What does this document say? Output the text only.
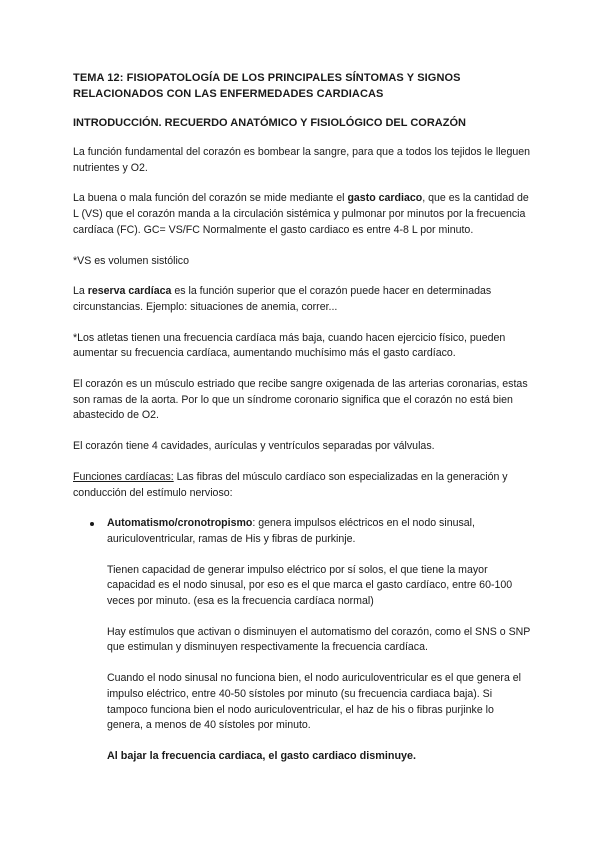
TEMA 12: FISIOPATOLOGÍA DE LOS PRINCIPALES SÍNTOMAS Y SIGNOS
RELACIONADOS CON LAS ENFERMEDADES CARDIACAS
INTRODUCCIÓN. RECUERDO ANATÓMICO Y FISIOLÓGICO DEL CORAZÓN

La función fundamental del corazón es bombear la sangre, para que a todos los tejidos le lleguen nutrientes y O2.

La buena o mala función del corazón se mide mediante el gasto cardiaco, que es la cantidad de L (VS) que el corazón manda a la circulación sistémica y pulmonar por minutos por la frecuencia cardíaca (FC). GC= VS/FC Normalmente el gasto cardiaco es entre 4-8 L por minuto.

*VS es volumen sistólico

La reserva cardíaca es la función superior que el corazón puede hacer en determinadas circunstancias. Ejemplo: situaciones de anemia, correr...

*Los atletas tienen una frecuencia cardíaca más baja, cuando hacen ejercicio físico, pueden aumentar su frecuencia cardíaca, aumentando muchísimo más el gasto cardíaco.

El corazón es un músculo estriado que recibe sangre oxigenada de las arterias coronarias, estas son ramas de la aorta. Por lo que un síndrome coronario significa que el corazón no está bien abastecido de O2.

El corazón tiene 4 cavidades, aurículas y ventrículos separadas por válvulas.

Funciones cardíacas: Las fibras del músculo cardíaco son especializadas en la generación y conducción del estímulo nervioso:

Automatismo/cronotropismo: genera impulsos eléctricos en el nodo sinusal, auriculoventricular, ramas de His y fibras de purkinje.

Tienen capacidad de generar impulso eléctrico por sí solos, el que tiene la mayor capacidad es el nodo sinusal, por eso es el que marca el gasto cardíaco, entre 60-100 veces por minuto. (esa es la frecuencia cardíaca normal)

Hay estímulos que activan o disminuyen el automatismo del corazón, como el SNS o SNP que estimulan y disminuyen respectivamente la frecuencia cardíaca.

Cuando el nodo sinusal no funciona bien, el nodo auriculoventricular es el que genera el impulso eléctrico, entre 40-50 sístoles por minuto (su frecuencia cardiaca baja). Si tampoco funciona bien el nodo auriculoventricular, el haz de his o fibras purjinke lo genera, a menos de 40 sístoles por minuto.

Al bajar la frecuencia cardiaca, el gasto cardiaco disminuye.
